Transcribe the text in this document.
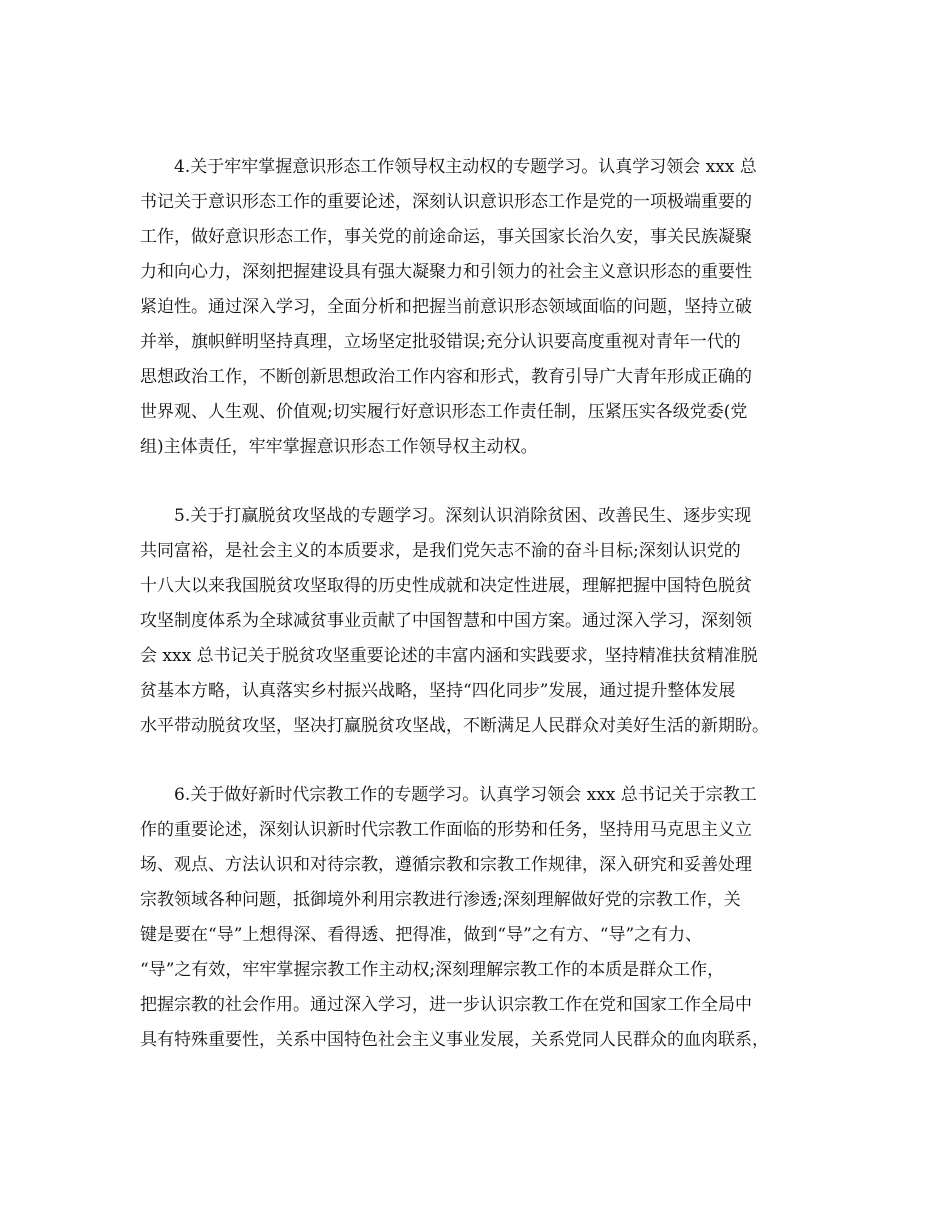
4.关于牢牢掌握意识形态工作领导权主动权的专题学习。认真学习领会 xxx 总
书记关于意识形态工作的重要论述，深刻认识意识形态工作是党的一项极端重要的
工作，做好意识形态工作，事关党的前途命运，事关国家长治久安，事关民族凝聚
力和向心力，深刻把握建设具有强大凝聚力和引领力的社会主义意识形态的重要性
紧迫性。通过深入学习，全面分析和把握当前意识形态领域面临的问题，坚持立破
并举，旗帜鲜明坚持真理，立场坚定批驳错误;充分认识要高度重视对青年一代的
思想政治工作，不断创新思想政治工作内容和形式，教育引导广大青年形成正确的
世界观、人生观、价值观;切实履行好意识形态工作责任制，压紧压实各级党委(党
组)主体责任，牢牢掌握意识形态工作领导权主动权。
5.关于打赢脱贫攻坚战的专题学习。深刻认识消除贫困、改善民生、逐步实现
共同富裕，是社会主义的本质要求，是我们党矢志不渝的奋斗目标;深刻认识党的
十八大以来我国脱贫攻坚取得的历史性成就和决定性进展，理解把握中国特色脱贫
攻坚制度体系为全球减贫事业贡献了中国智慧和中国方案。通过深入学习，深刻领
会 xxx 总书记关于脱贫攻坚重要论述的丰富内涵和实践要求，坚持精准扶贫精准脱
贫基本方略，认真落实乡村振兴战略，坚持“四化同步”发展，通过提升整体发展
水平带动脱贫攻坚，坚决打赢脱贫攻坚战，不断满足人民群众对美好生活的新期盼。
6.关于做好新时代宗教工作的专题学习。认真学习领会 xxx 总书记关于宗教工
作的重要论述，深刻认识新时代宗教工作面临的形势和任务，坚持用马克思主义立
场、观点、方法认识和对待宗教，遵循宗教和宗教工作规律，深入研究和妥善处理
宗教领域各种问题，抵御境外利用宗教进行渗透;深刻理解做好党的宗教工作，关
键是要在“导”上想得深、看得透、把得准，做到“导”之有方、“导”之有力、
“导”之有效，牢牢掌握宗教工作主动权;深刻理解宗教工作的本质是群众工作，
把握宗教的社会作用。通过深入学习，进一步认识宗教工作在党和国家工作全局中
具有特殊重要性，关系中国特色社会主义事业发展，关系党同人民群众的血肉联系，
